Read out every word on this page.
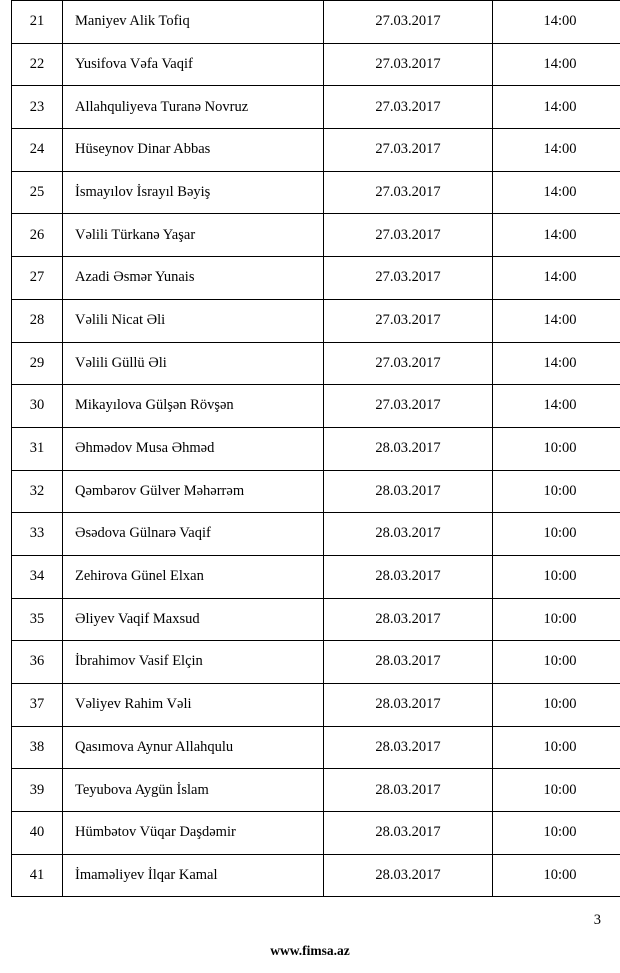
21	Maniyev Alik Tofiq	27.03.2017	14:00
22	Yusifova Vəfa Vaqif	27.03.2017	14:00
23	Allahquliyeva Turanə Novruz	27.03.2017	14:00
24	Hüseynov Dinar Abbas	27.03.2017	14:00
25	İsmayılov İsrayıl Bəyiş	27.03.2017	14:00
26	Vəlili Türkanə Yaşar	27.03.2017	14:00
27	Azadi Əsmər Yunais	27.03.2017	14:00
28	Vəlili Nicat Əli	27.03.2017	14:00
29	Vəlili Güllü Əli	27.03.2017	14:00
30	Mikayılova Gülşən Rövşən	27.03.2017	14:00
31	Əhmədov Musa Əhməd	28.03.2017	10:00
32	Qəmbərov Gülver Məhərrəm	28.03.2017	10:00
33	Əsədova Gülnarə Vaqif	28.03.2017	10:00
34	Zehirova Günel Elxan	28.03.2017	10:00
35	Əliyev Vaqif Maxsud	28.03.2017	10:00
36	İbrahimov Vasif Elçin	28.03.2017	10:00
37	Vəliyev Rahim Vəli	28.03.2017	10:00
38	Qasımova Aynur Allahqulu	28.03.2017	10:00
39	Teyubova Aygün İslam	28.03.2017	10:00
40	Hümbətov Vüqar Daşdəmir	28.03.2017	10:00
41	İmaməliyev İlqar Kamal	28.03.2017	10:00
3
www.fimsa.az
